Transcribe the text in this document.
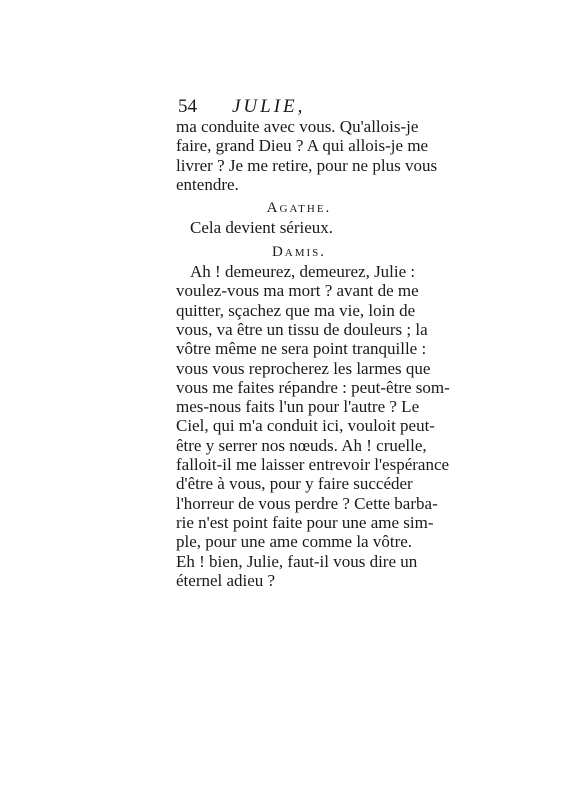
54 JULIE,
ma conduite avec vous. Qu'allois-je
faire, grand Dieu ? A qui allois-je me
livrer ? Je me retire, pour ne plus vous
entendre.
Agathe.
Cela devient sérieux.
Damis.
Ah ! demeurez, demeurez, Julie :
voulez-vous ma mort ? avant de me
quitter, sçachez que ma vie, loin de
vous, va être un tissu de douleurs ; la
vôtre même ne sera point tranquille :
vous vous reprocherez les larmes que
vous me faites répandre : peut-être som-
mes-nous faits l'un pour l'autre ? Le
Ciel, qui m'a conduit ici, vouloit peut-
être y serrer nos nœuds. Ah ! cruelle,
falloit-il me laisser entrevoir l'espérance
d'être à vous, pour y faire succéder
l'horreur de vous perdre ? Cette barba-
rie n'est point faite pour une ame sim-
ple, pour une ame comme la vôtre.
Eh ! bien, Julie, faut-il vous dire un
éternel adieu ?
